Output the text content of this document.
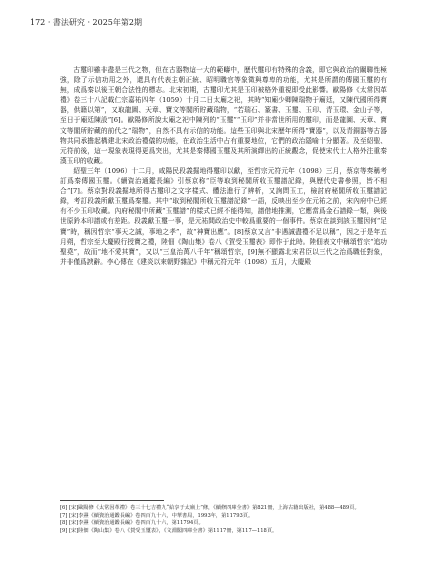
172 · 書法研究 · 2025年第2期

古璽印雖非盡是三代之物，但在古器物這一大的範疇中，歷代璽印有特殊的含義，即它與政治的關聯性極強，除了示信功用之外，還具有代表主朝正統、昭明職官等象徵與尊卑的功能，尤其是所謂的傳國玉璽的有無，成爲秦以後王朝合法性的標志。北宋初期，古璽印尤其是玉印被格外重視即受此影響。歐陽修《太常因革禮》卷三十八記載仁宗嘉祐四年（1059）十月二日太廟之祀，其時“知廟少卿陳瑞物于廟廷，又陳代國所得寶器，供籍以第”，又取龍圖、天章、寶文等閣所貯藏瑞物，“若瑞石、篆書、玉璽、玉印、青玉環、金山子等，至日于廟廷陳設”[6]。歐陽修所說太廟之祀中陳列的“玉璽”“玉印”并非當世所用的璽印，而是龍圖、天章、寶文等閣所貯藏的前代之“瑞物”，自然不具有示信的功能。這些玉印與北宋歷年所得“寶器”，以及青銅器等古器物共同承擔起構建北宋政治禮儀的功能，在政治生活中占有重要地位，它們的政治隱喻十分顯著。及至紹聖、元符前後，這一現象表現得更爲突出，尤其是秦傳國玉璽及其所演繹出的正統觀念，促使宋代士人格外注重秦漢玉印的收藏。

紹聖三年（1096）十二月，咸陽民段義掘地得璽印以獻，至哲宗元符元年（1098）三月，蔡京等奏稱考訂爲秦傳國玉璽。《續資治通鑑長編》引蔡京称“臣等取到秘閣所收玉璽譜記錄，與歷代史書參照，皆不相合”[7]。蔡京對段義掘地所得古璽印之文字樣式、體法進行了辨析，又詢問玉工，檢討府秘閣所收玉璽譜記錄，考訂段義所獻玉璽爲秦璽。其中“取到秘閣所收玉璽譜記錄”一語，反映出至少在元祐之前，宋內府中已經有不少玉印收藏。內府秘閣中所藏“玉璽譜”的樣式已經不能得知，譜借地推測，它應當爲金石譜錄一類，與後世原鈐本印譜或有差距。段義獻玉璽一事，是元祐間政治史中較爲重要的一個事件。蔡京在談到該玉璽因何“足寶”時，稱因哲宗“事天之誠，事地之孝”，故“神寶出應”。[8]蔡京又言“非遇誠盡禮不足以稱”，因之于是年五月朔，哲宗至大慶殿行授寶之禮，陸佃《陶山集》卷八《賀受玉璽表》即作于此時。陸佃表文中稱頌哲宗“追功聖堯”，故而“地不愛其寶”，又以“三皇治萬八千年”稱頌哲宗，[9]無不顯露北宋君臣以三代之治爲職任對象，并非僅爲諛辭。李心傳在《建炎以來朝野雜記》中稱元符元年（1098）五月，大慶殿

[6] [宋]歐陽修《太常因革禮》卷三十七吉禮九“給享于太廟上”條，《續修四庫全書》第821冊，上海古籍出版社，第488—489頁。

[7] [宋]李燾《續資治通鑑長編》卷四百九十六，中華書局，1993年，第11793頁。

[8] [宋]李燾《續資治通鑑長編》卷四百九十六，第11794頁。

[9] [宋]陸佃《陶山集》卷八《賀受玉璽表》，《文淵閣四庫全書》第1117冊，第117—118頁。
